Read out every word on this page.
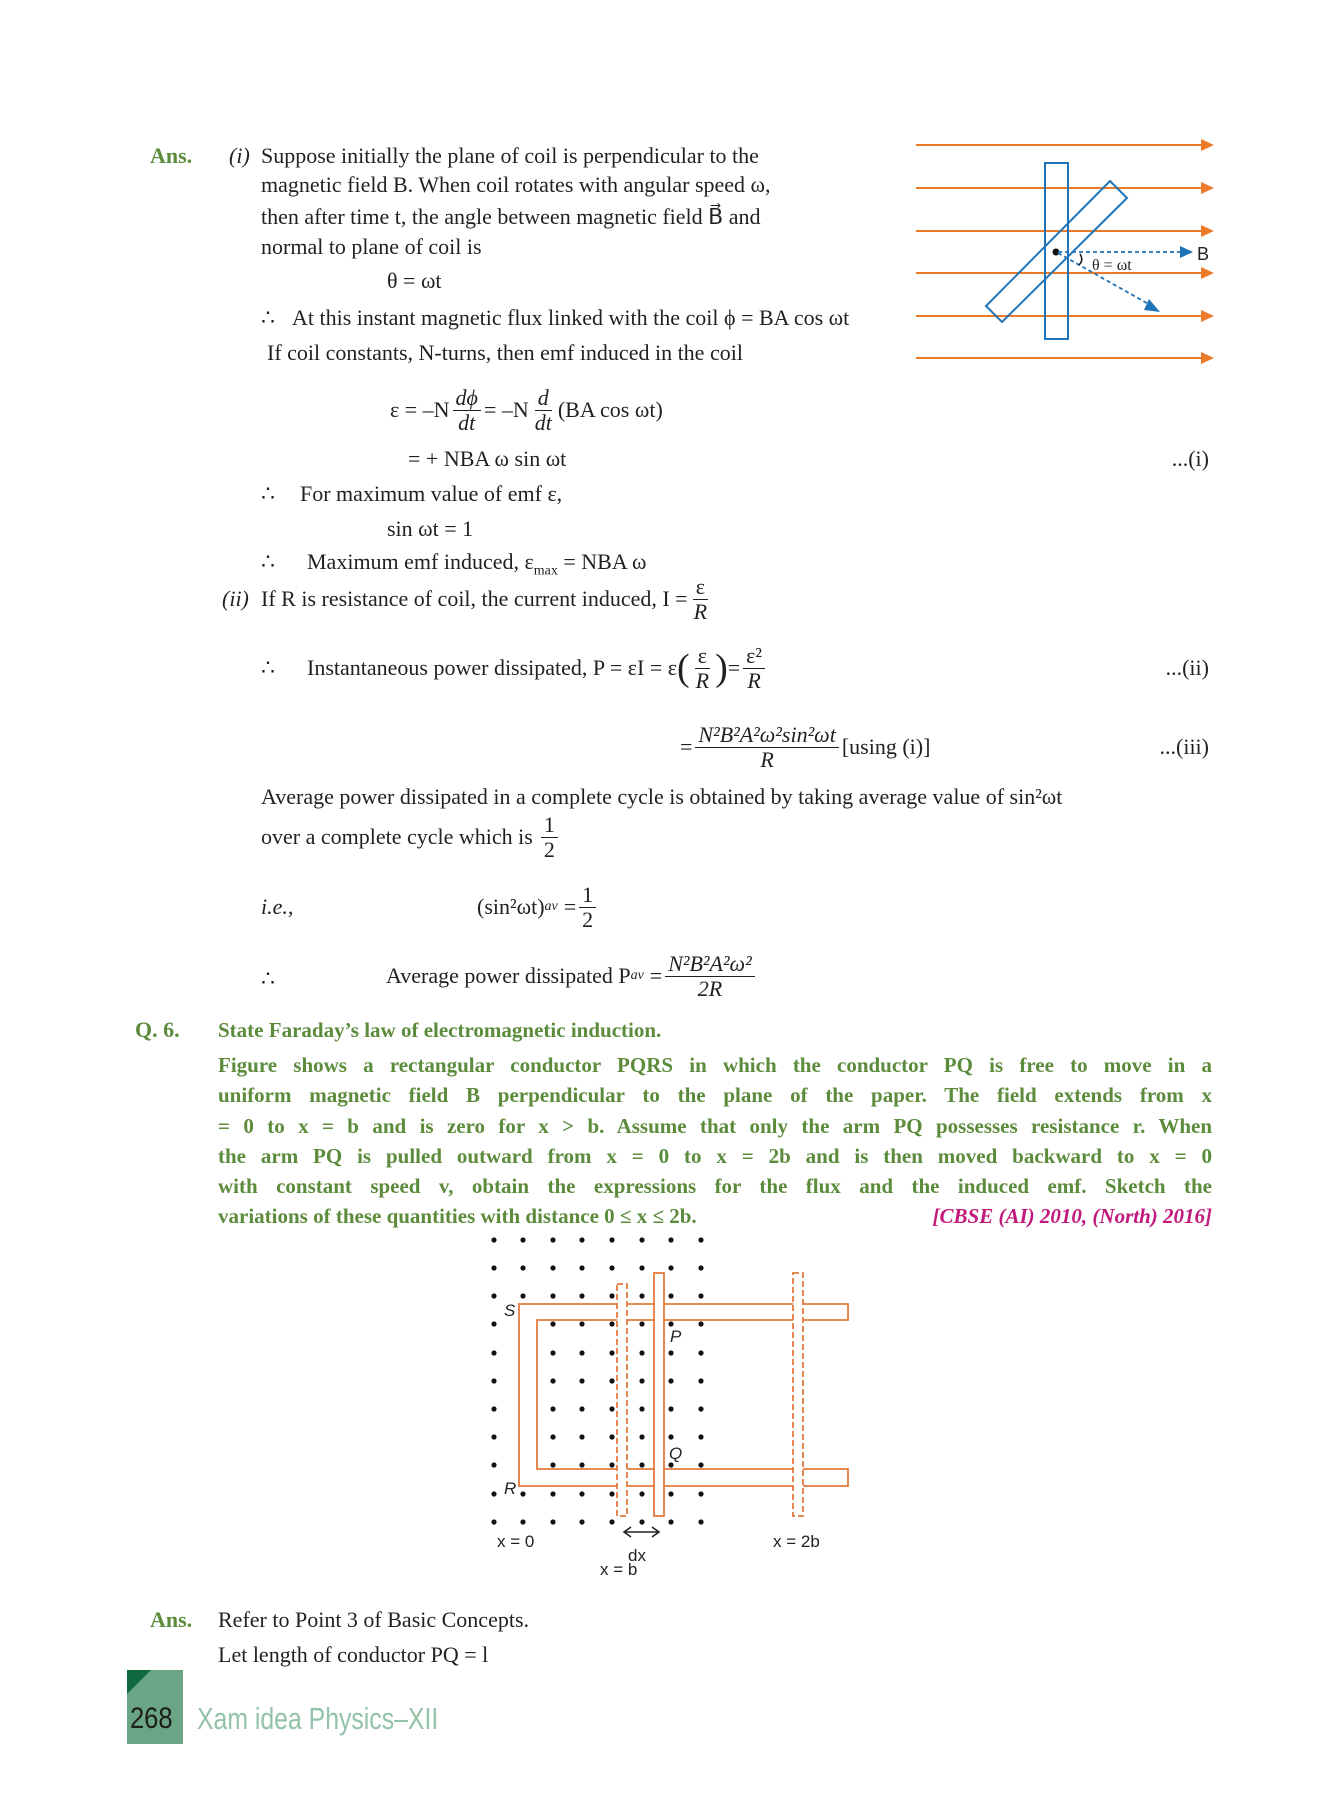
Ans. (i) Suppose initially the plane of coil is perpendicular to the
magnetic field B. When coil rotates with angular speed ω,
then after time t, the angle between magnetic field B⃗ and
normal to plane of coil is
θ = ωt
∴ At this instant magnetic flux linked with the coil ϕ = BA cos ωt
If coil constants, N-turns, then emf induced in the coil
$\varepsilon = -N \frac{d\phi}{dt} = -N \frac{d}{dt} (BA$ cos ωt)
= + NBA ω sin ωt	...(i)
∴ For maximum value of emf ε,
sin ωt = 1
∴ Maximum emf induced, $\varepsilon_{max}$ = NBA ω
(ii) If R is resistance of coil, the current induced, $I = \frac{\varepsilon}{R}$
∴ Instantaneous power dissipated, P = εI = ε ( $\frac{\varepsilon}{R}$ ) = $\frac{\text{ε²}}{R}$	...(ii)
= $\frac{\text{N²B²A²ω²sin²ωt}}{R} [using$ (i)]	...(iii)
Average power dissipated in a complete cycle is obtained by taking average value of sin²ωt
over a complete cycle which is $\frac{1}{2}$
i.e.,	(sin²ωt) av = $\frac{1}{2}$
∴	Average power dissipated P av = $\frac{\text{N²B²A²ω²}}{2R}$
B
θ = ωt
Q. 6. State Faraday’s law of electromagnetic induction.
Figure shows a rectangular conductor PQRS in which the conductor PQ is free to move in a
uniform magnetic field B perpendicular to the plane of the paper. The field extends from x
= 0 to x = b and is zero for x > b. Assume that only the arm PQ possesses resistance r. When
the arm PQ is pulled outward from x = 0 to x = 2b and is then moved backward to x = 0
with constant speed v, obtain the expressions for the flux and the induced emf. Sketch the
variations of these quantities with distance 0 ≤ x ≤ 2b.	[CBSE (AI) 2010, (North) 2016]
S
P
Q
R
x = 0
dx
x = b
x = 2b
Ans. Refer to Point 3 of Basic Concepts.
Let length of conductor PQ = l
268 Xam idea Physics–XII
